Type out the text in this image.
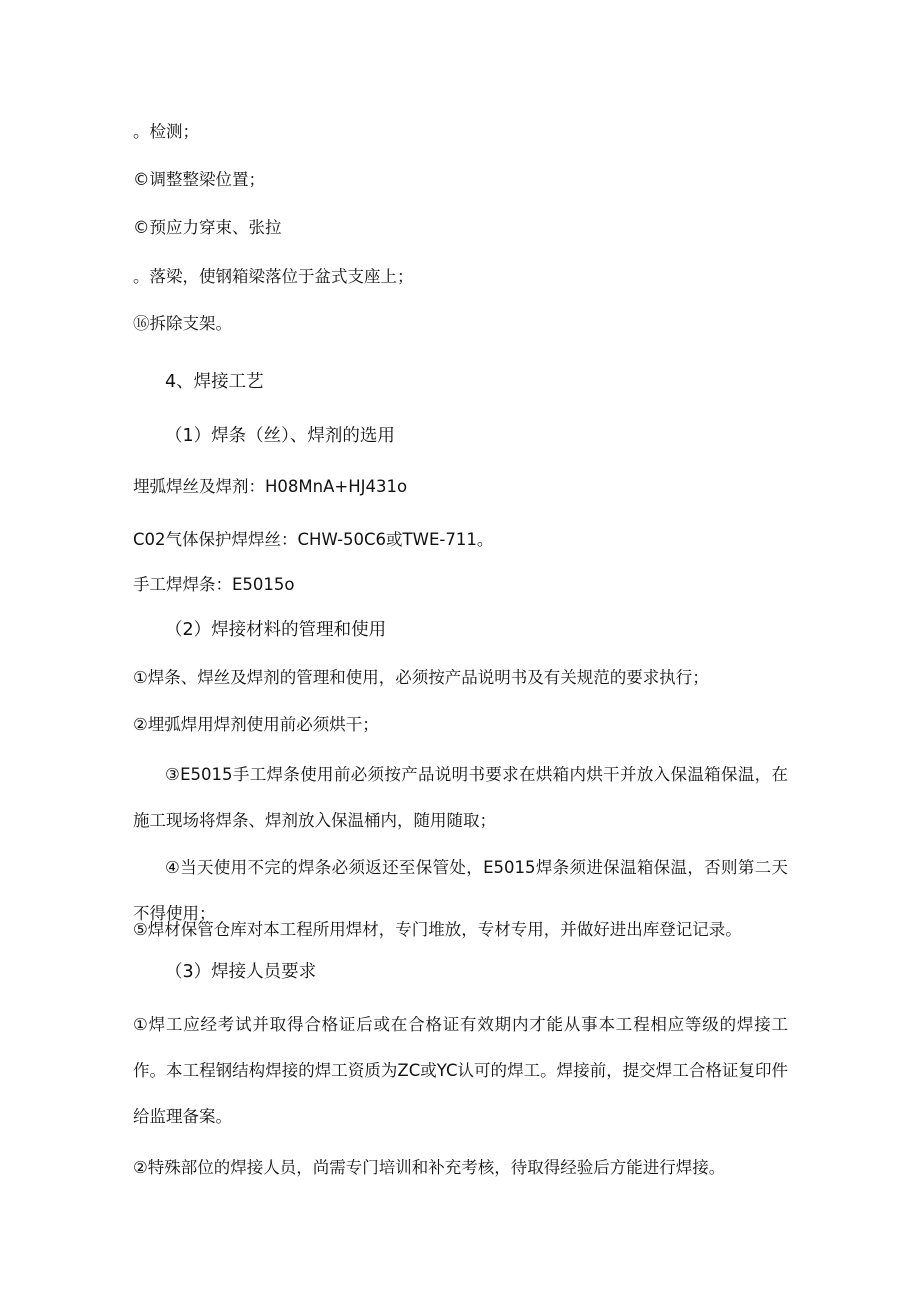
。检测；

©调整整梁位置；

©预应力穿束、张拉

。落梁，使钢箱梁落位于盆式支座上；

⑯拆除支架。

4、焊接工艺

（1）焊条（丝）、焊剂的选用

埋弧焊丝及焊剂：H08MnA+HJ431o

C02气体保护焊焊丝：CHW-50C6或TWE-711。

手工焊焊条：E5015o

（2）焊接材料的管理和使用

①焊条、焊丝及焊剂的管理和使用，必须按产品说明书及有关规范的要求执行；

②埋弧焊用焊剂使用前必须烘干；

③E5015手工焊条使用前必须按产品说明书要求在烘箱内烘干并放入保温箱保温，在施工现场将焊条、焊剂放入保温桶内，随用随取；

④当天使用不完的焊条必须返还至保管处，E5015焊条须进保温箱保温，否则第二天不得使用；

⑤焊材保管仓库对本工程所用焊材，专门堆放，专材专用，并做好进出库登记记录。

（3）焊接人员要求

①焊工应经考试并取得合格证后或在合格证有效期内才能从事本工程相应等级的焊接工作。本工程钢结构焊接的焊工资质为ZC或YC认可的焊工。焊接前，提交焊工合格证复印件给监理备案。

②特殊部位的焊接人员，尚需专门培训和补充考核，待取得经验后方能进行焊接。
